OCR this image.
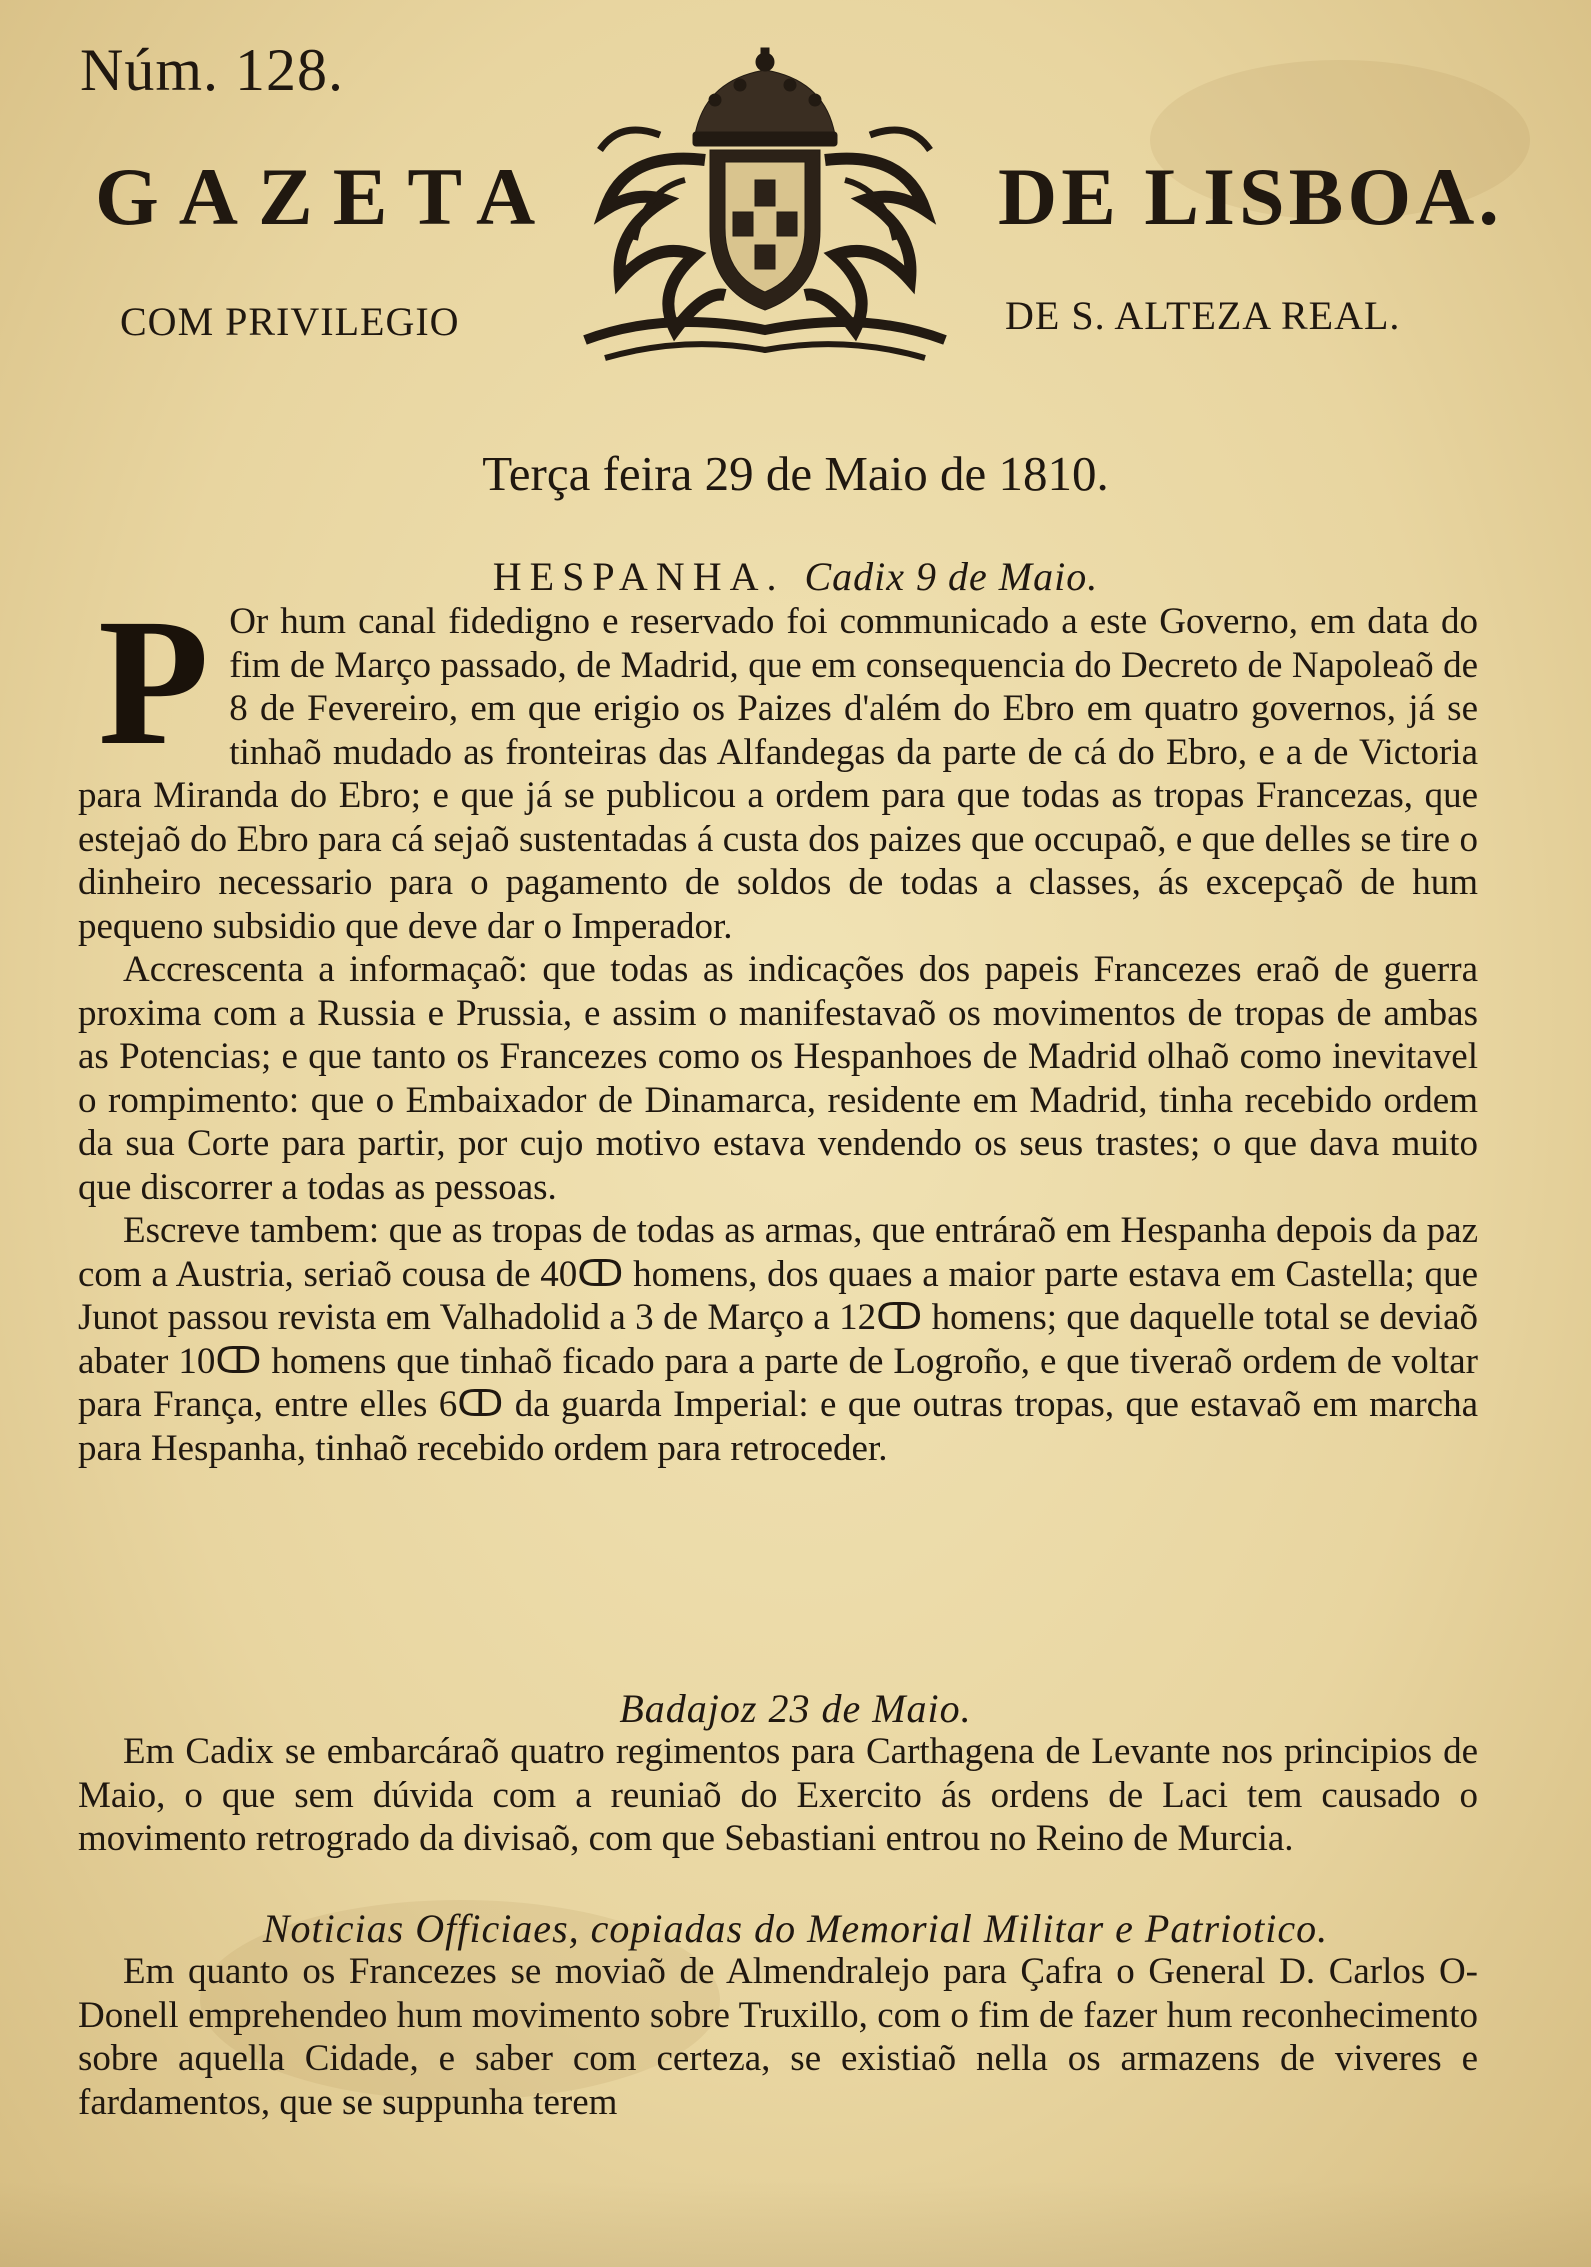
Núm. 128.
GAZETA	DE LISBOA.
COM PRIVILEGIO	DE S. ALTEZA REAL.
Terça feira 29 de Maio de 1810.
HESPANHA. Cadix 9 de Maio.

P Or hum canal fidedigno e reservado foi communicado a este Governo, em data do fim de Março passado, de Madrid, que em consequencia do Decreto de Napoleaõ de 8 de Fevereiro, em que erigio os Paizes d'além do Ebro em quatro governos, já se tinhaõ mudado as fronteiras das Alfandegas da parte de cá do Ebro, e a de Victoria para Miranda do Ebro; e que já se publicou a ordem para que todas as tropas Francezas, que estejaõ do Ebro para cá sejaõ sustentadas á custa dos paizes que occupaõ, e que delles se tire o dinheiro necessario para o pagamento de soldos de todas a classes, ás excepçaõ de hum pequeno subsidio que deve dar o Imperador.

Accrescenta a informaçaõ: que todas as indicações dos papeis Francezes eraõ de guerra proxima com a Russia e Prussia, e assim o manifestavaõ os movimentos de tropas de ambas as Potencias; e que tanto os Francezes como os Hespanhoes de Madrid olhaõ como inevitavel o rompimento: que o Embaixador de Dinamarca, residente em Madrid, tinha recebido ordem da sua Corte para partir, por cujo motivo estava vendendo os seus trastes; o que dava muito que discorrer a todas as pessoas.

Escreve tambem: que as tropas de todas as armas, que entráraõ em Hespanha depois da paz com a Austria, seriaõ cousa de 40ↀ homens, dos quaes a maior parte estava em Castella; que Junot passou revista em Valhadolid a 3 de Março a 12ↀ homens; que daquelle total se deviaõ abater 10ↀ homens que tinhaõ ficado para a parte de Logroño, e que tiveraõ ordem de voltar para França, entre elles 6ↀ da guarda Imperial: e que outras tropas, que estavaõ em marcha para Hespanha, tinhaõ recebido ordem para retroceder.

Badajoz 23 de Maio.

Em Cadix se embarcáraõ quatro regimentos para Carthagena de Levante nos principios de Maio, o que sem dúvida com a reuniaõ do Exercito ás ordens de Laci tem causado o movimento retrogrado da divisaõ, com que Sebastiani entrou no Reino de Murcia.

Noticias Officiaes, copiadas do Memorial Militar e Patriotico.

Em quanto os Francezes se moviaõ de Almendralejo para Çafra o General D. Carlos O-Donell emprehendeo hum movimento sobre Truxillo, com o fim de fazer hum reconhecimento sobre aquella Cidade, e saber com certeza, se existiaõ nella os armazens de viveres e fardamentos, que se suppunha terem
